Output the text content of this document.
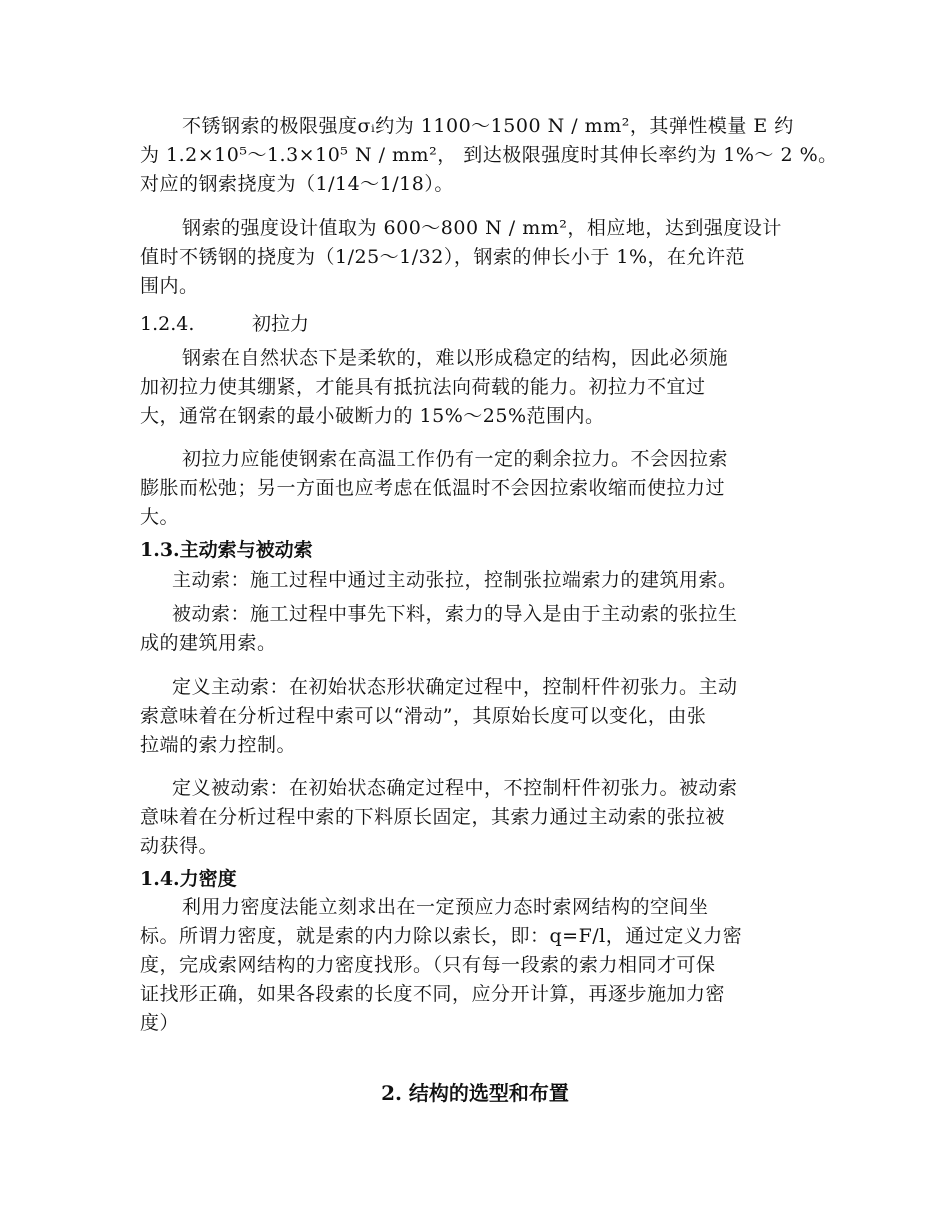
不锈钢索的极限强度σᵢ约为 1100～1500 N / mm²，其弹性模量 E 约
为 1.2×10⁵～1.3×10⁵ N / mm²， 到达极限强度时其伸长率约为 1%～ 2 %。
对应的钢索挠度为（1/14～1/18）。

钢索的强度设计值取为 600～800 N / mm²，相应地，达到强度设计
值时不锈钢的挠度为（1/25～1/32），钢索的伸长小于 1%，在允许范
围内。

1.2.4.	初拉力

钢索在自然状态下是柔软的，难以形成稳定的结构，因此必须施
加初拉力使其绷紧，才能具有抵抗法向荷载的能力。初拉力不宜过
大，通常在钢索的最小破断力的 15%～25%范围内。

初拉力应能使钢索在高温工作仍有一定的剩余拉力。不会因拉索
膨胀而松弛；另一方面也应考虑在低温时不会因拉索收缩而使拉力过
大。

1.3.主动索与被动索

主动索：施工过程中通过主动张拉，控制张拉端索力的建筑用索。

被动索：施工过程中事先下料，索力的导入是由于主动索的张拉生
成的建筑用索。

定义主动索：在初始状态形状确定过程中，控制杆件初张力。主动
索意味着在分析过程中索可以“滑动”，其原始长度可以变化，由张
拉端的索力控制。

定义被动索：在初始状态确定过程中，不控制杆件初张力。被动索
意味着在分析过程中索的下料原长固定，其索力通过主动索的张拉被
动获得。

1.4.力密度

利用力密度法能立刻求出在一定预应力态时索网结构的空间坐
标。所谓力密度，就是索的内力除以索长，即：q=F/l，通过定义力密
度，完成索网结构的力密度找形。（只有每一段索的索力相同才可保
证找形正确，如果各段索的长度不同，应分开计算，再逐步施加力密
度）

2. 结构的选型和布置
